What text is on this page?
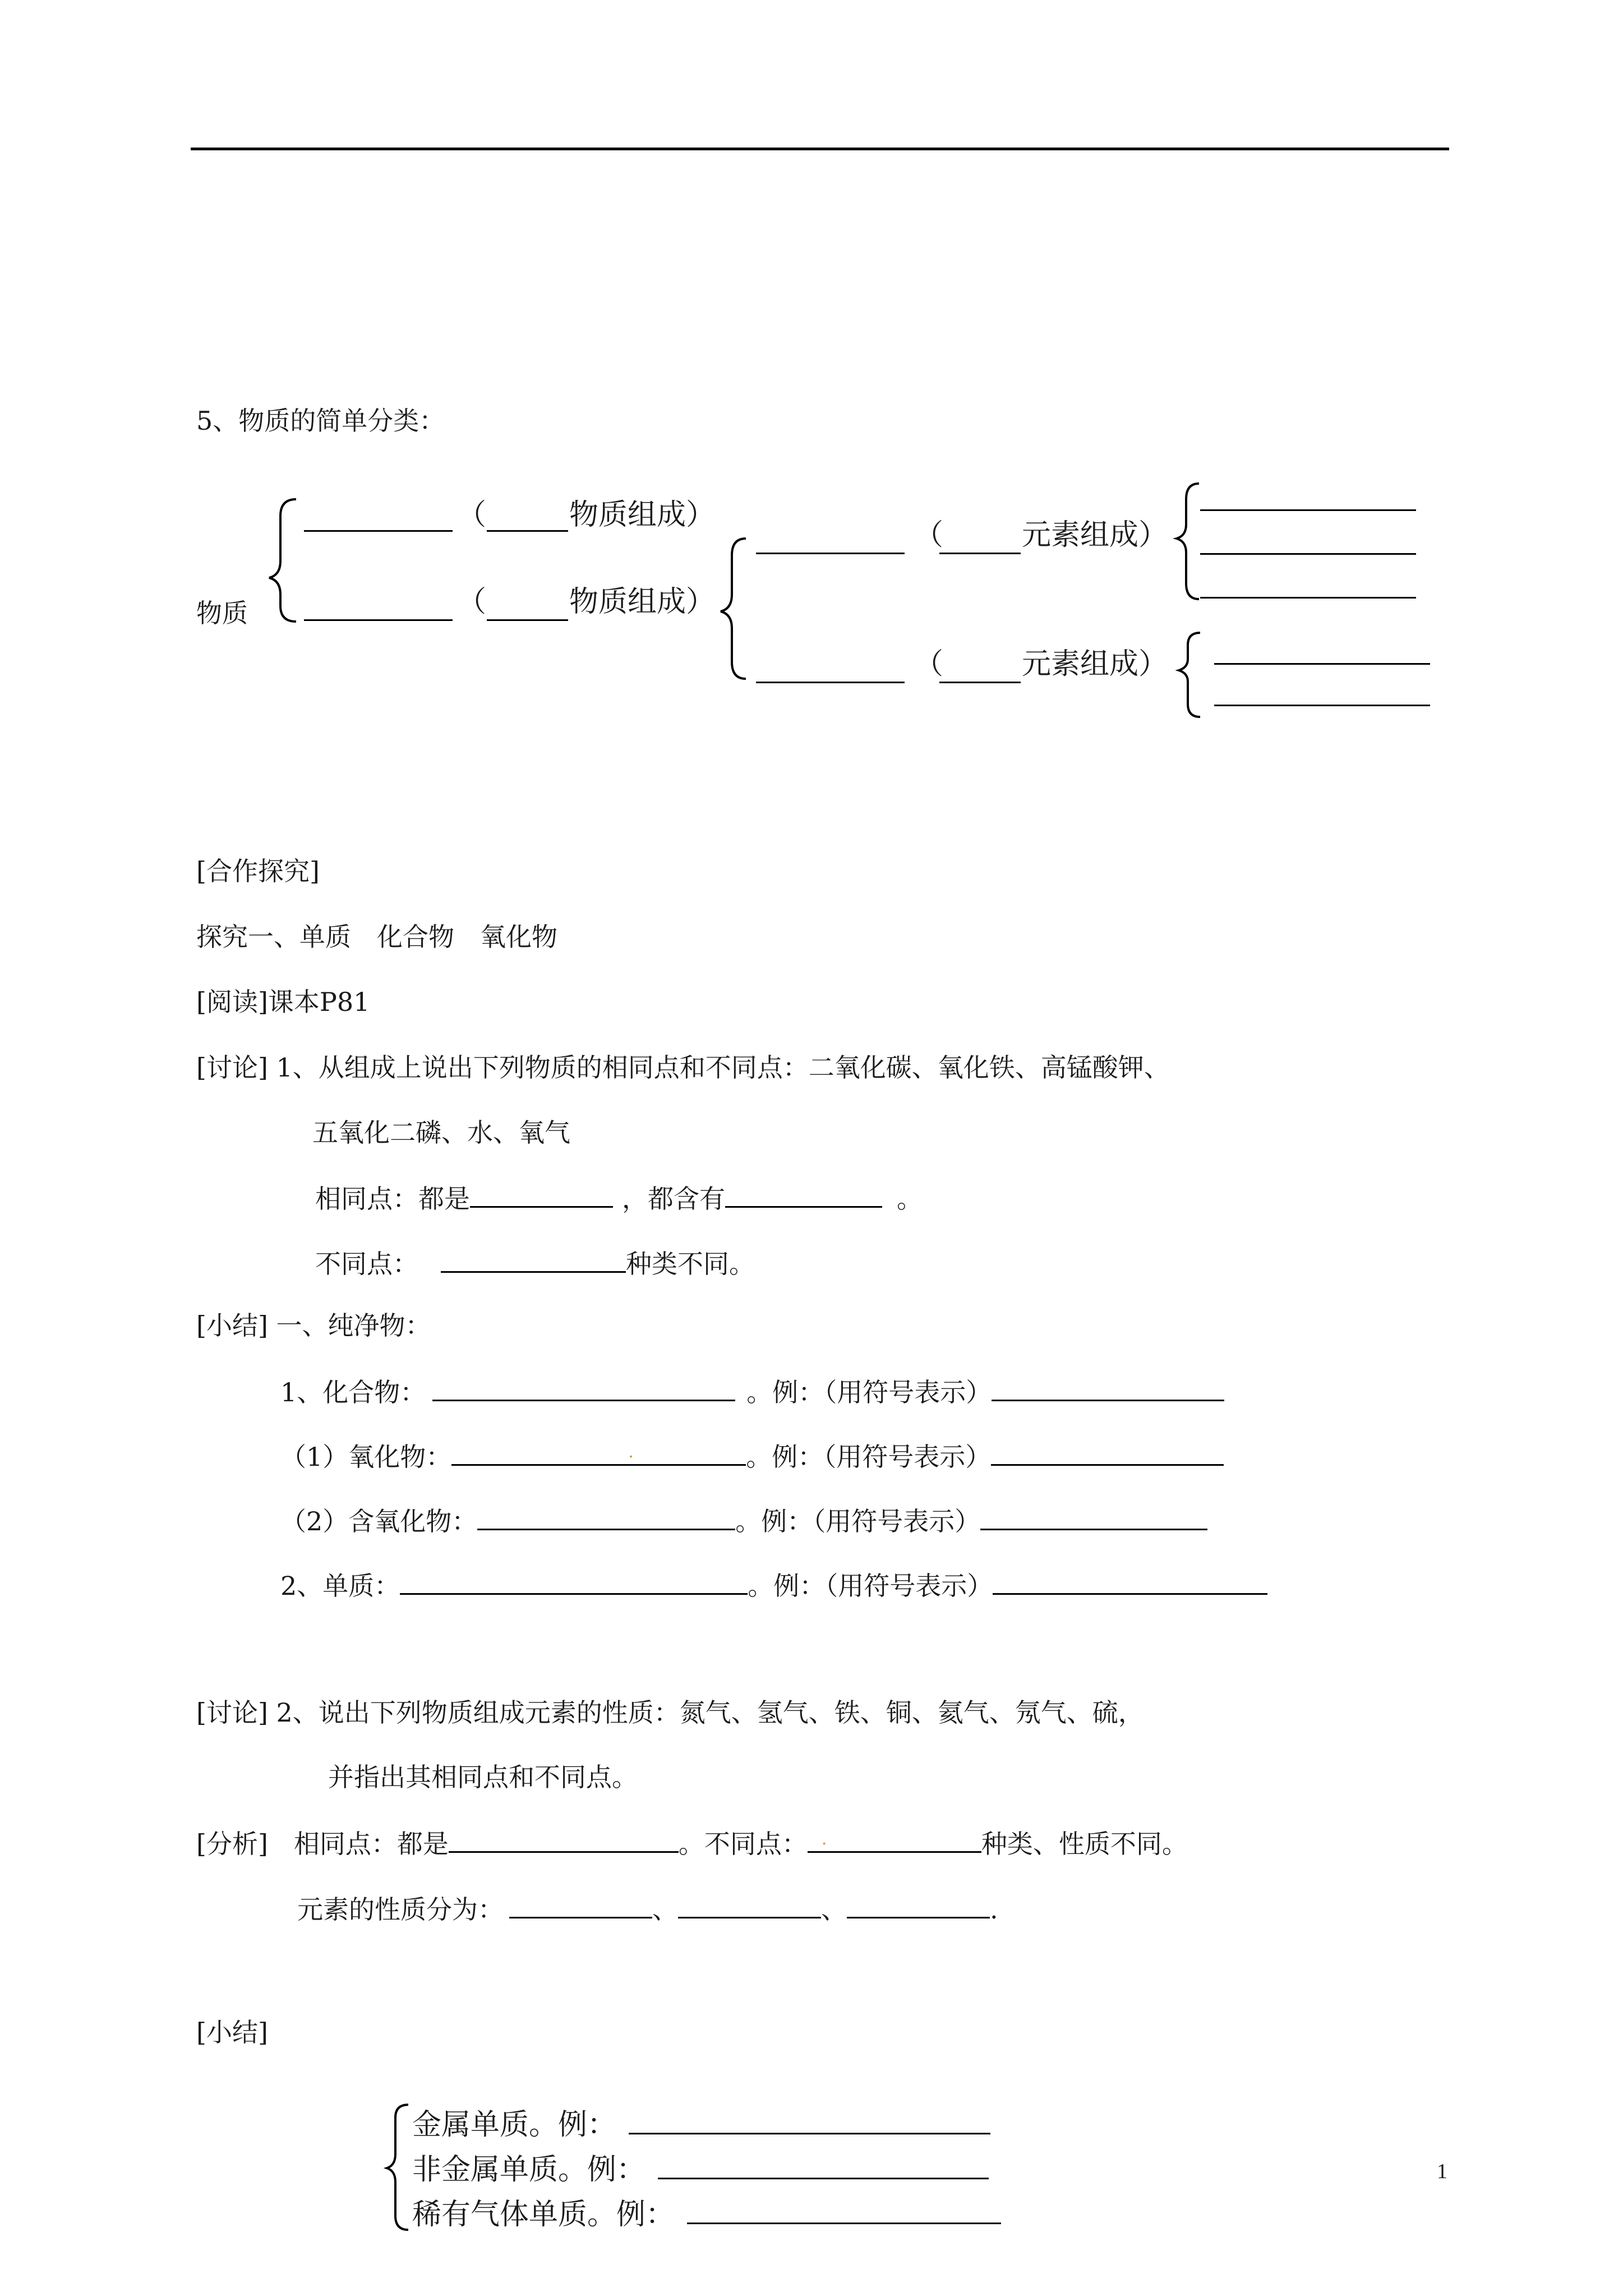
5、物质的简单分类：
物质
（	物质组成 ）
（	物质组成 ）
（	元素组成 ）
（	元素组成 ）
[合作探究]
探究一、单质　化合物　氧化物
[阅读]课本P81
[讨论] 1、从组成上说出下列物质的相同点和不同点：二氧化碳、氧化铁、高锰酸钾、
五氧化二磷、水、氧气
相同点：都是	，都含有	。
不同点：	种类不同。
[小结] 一、纯净物：
1、化合物：	。例：（用符号表示）
（1）氧化物：	.	。例：（用符号表示）
（2）含氧化物：	。例：（用符号表示）
2、单质：	。例：（用符号表示）
[讨论] 2、说出下列物质组成元素的性质：氮气、氢气、铁、铜、氦气、氖气、硫，
并指出其相同点和不同点。
[分析]　相同点：都是	。不同点： .	种类、性质不同。
元素的性质分为：	、	、	.
[小结]
金属单质。例：
非金属单质。例：
稀有气体单质。例：
1
